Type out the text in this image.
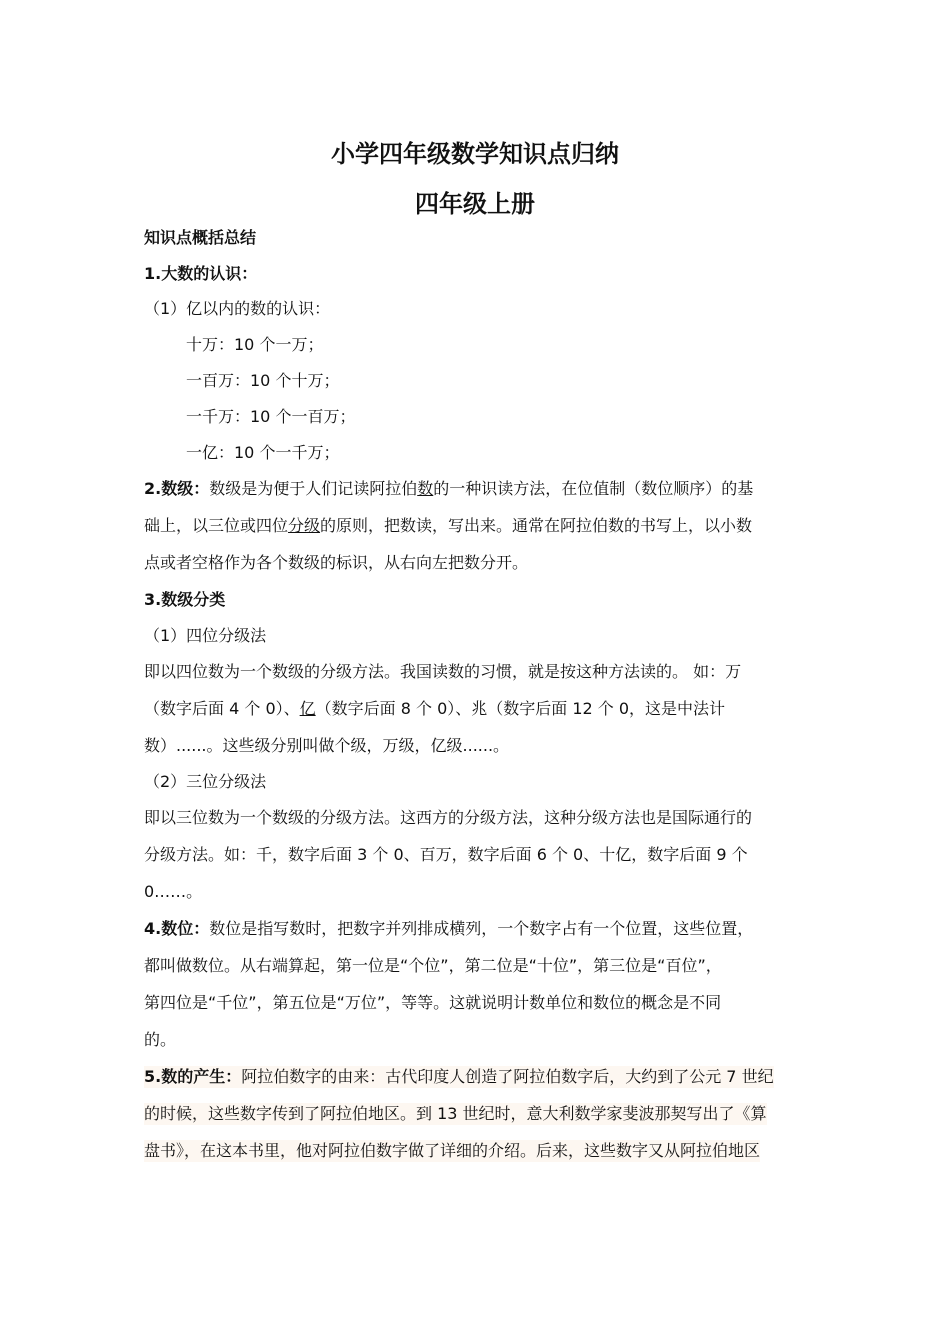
小学四年级数学知识点归纳
四年级上册
知识点概括总结
1.大数的认识：
（1）亿以内的数的认识：
十万：10 个一万；
一百万：10 个十万；
一千万：10 个一百万；
一亿：10 个一千万；
2.数级：数级是为便于人们记读阿拉伯数的一种识读方法，在位值制（数位顺序）的基
础上，以三位或四位分级的原则，把数读，写出来。通常在阿拉伯数的书写上，以小数
点或者空格作为各个数级的标识，从右向左把数分开。
3.数级分类
（1）四位分级法
即以四位数为一个数级的分级方法。我国读数的习惯，就是按这种方法读的。 如：万
（数字后面 4 个 0）、亿（数字后面 8 个 0）、兆（数字后面 12 个 0，这是中法计
数）......。这些级分别叫做个级，万级，亿级......。
（2）三位分级法
即以三位数为一个数级的分级方法。这西方的分级方法，这种分级方法也是国际通行的
分级方法。如：千，数字后面 3 个 0、百万，数字后面 6 个 0、十亿，数字后面 9 个
0……。
4.数位：数位是指写数时，把数字并列排成横列，一个数字占有一个位置，这些位置，
都叫做数位。从右端算起，第一位是“个位”，第二位是“十位”，第三位是“百位”，
第四位是“千位”，第五位是“万位”，等等。这就说明计数单位和数位的概念是不同
的。
5.数的产生：阿拉伯数字的由来：古代印度人创造了阿拉伯数字后，大约到了公元 7 世纪
的时候，这些数字传到了阿拉伯地区。到 13 世纪时，意大利数学家斐波那契写出了《算
盘书》，在这本书里，他对阿拉伯数字做了详细的介绍。后来，这些数字又从阿拉伯地区
